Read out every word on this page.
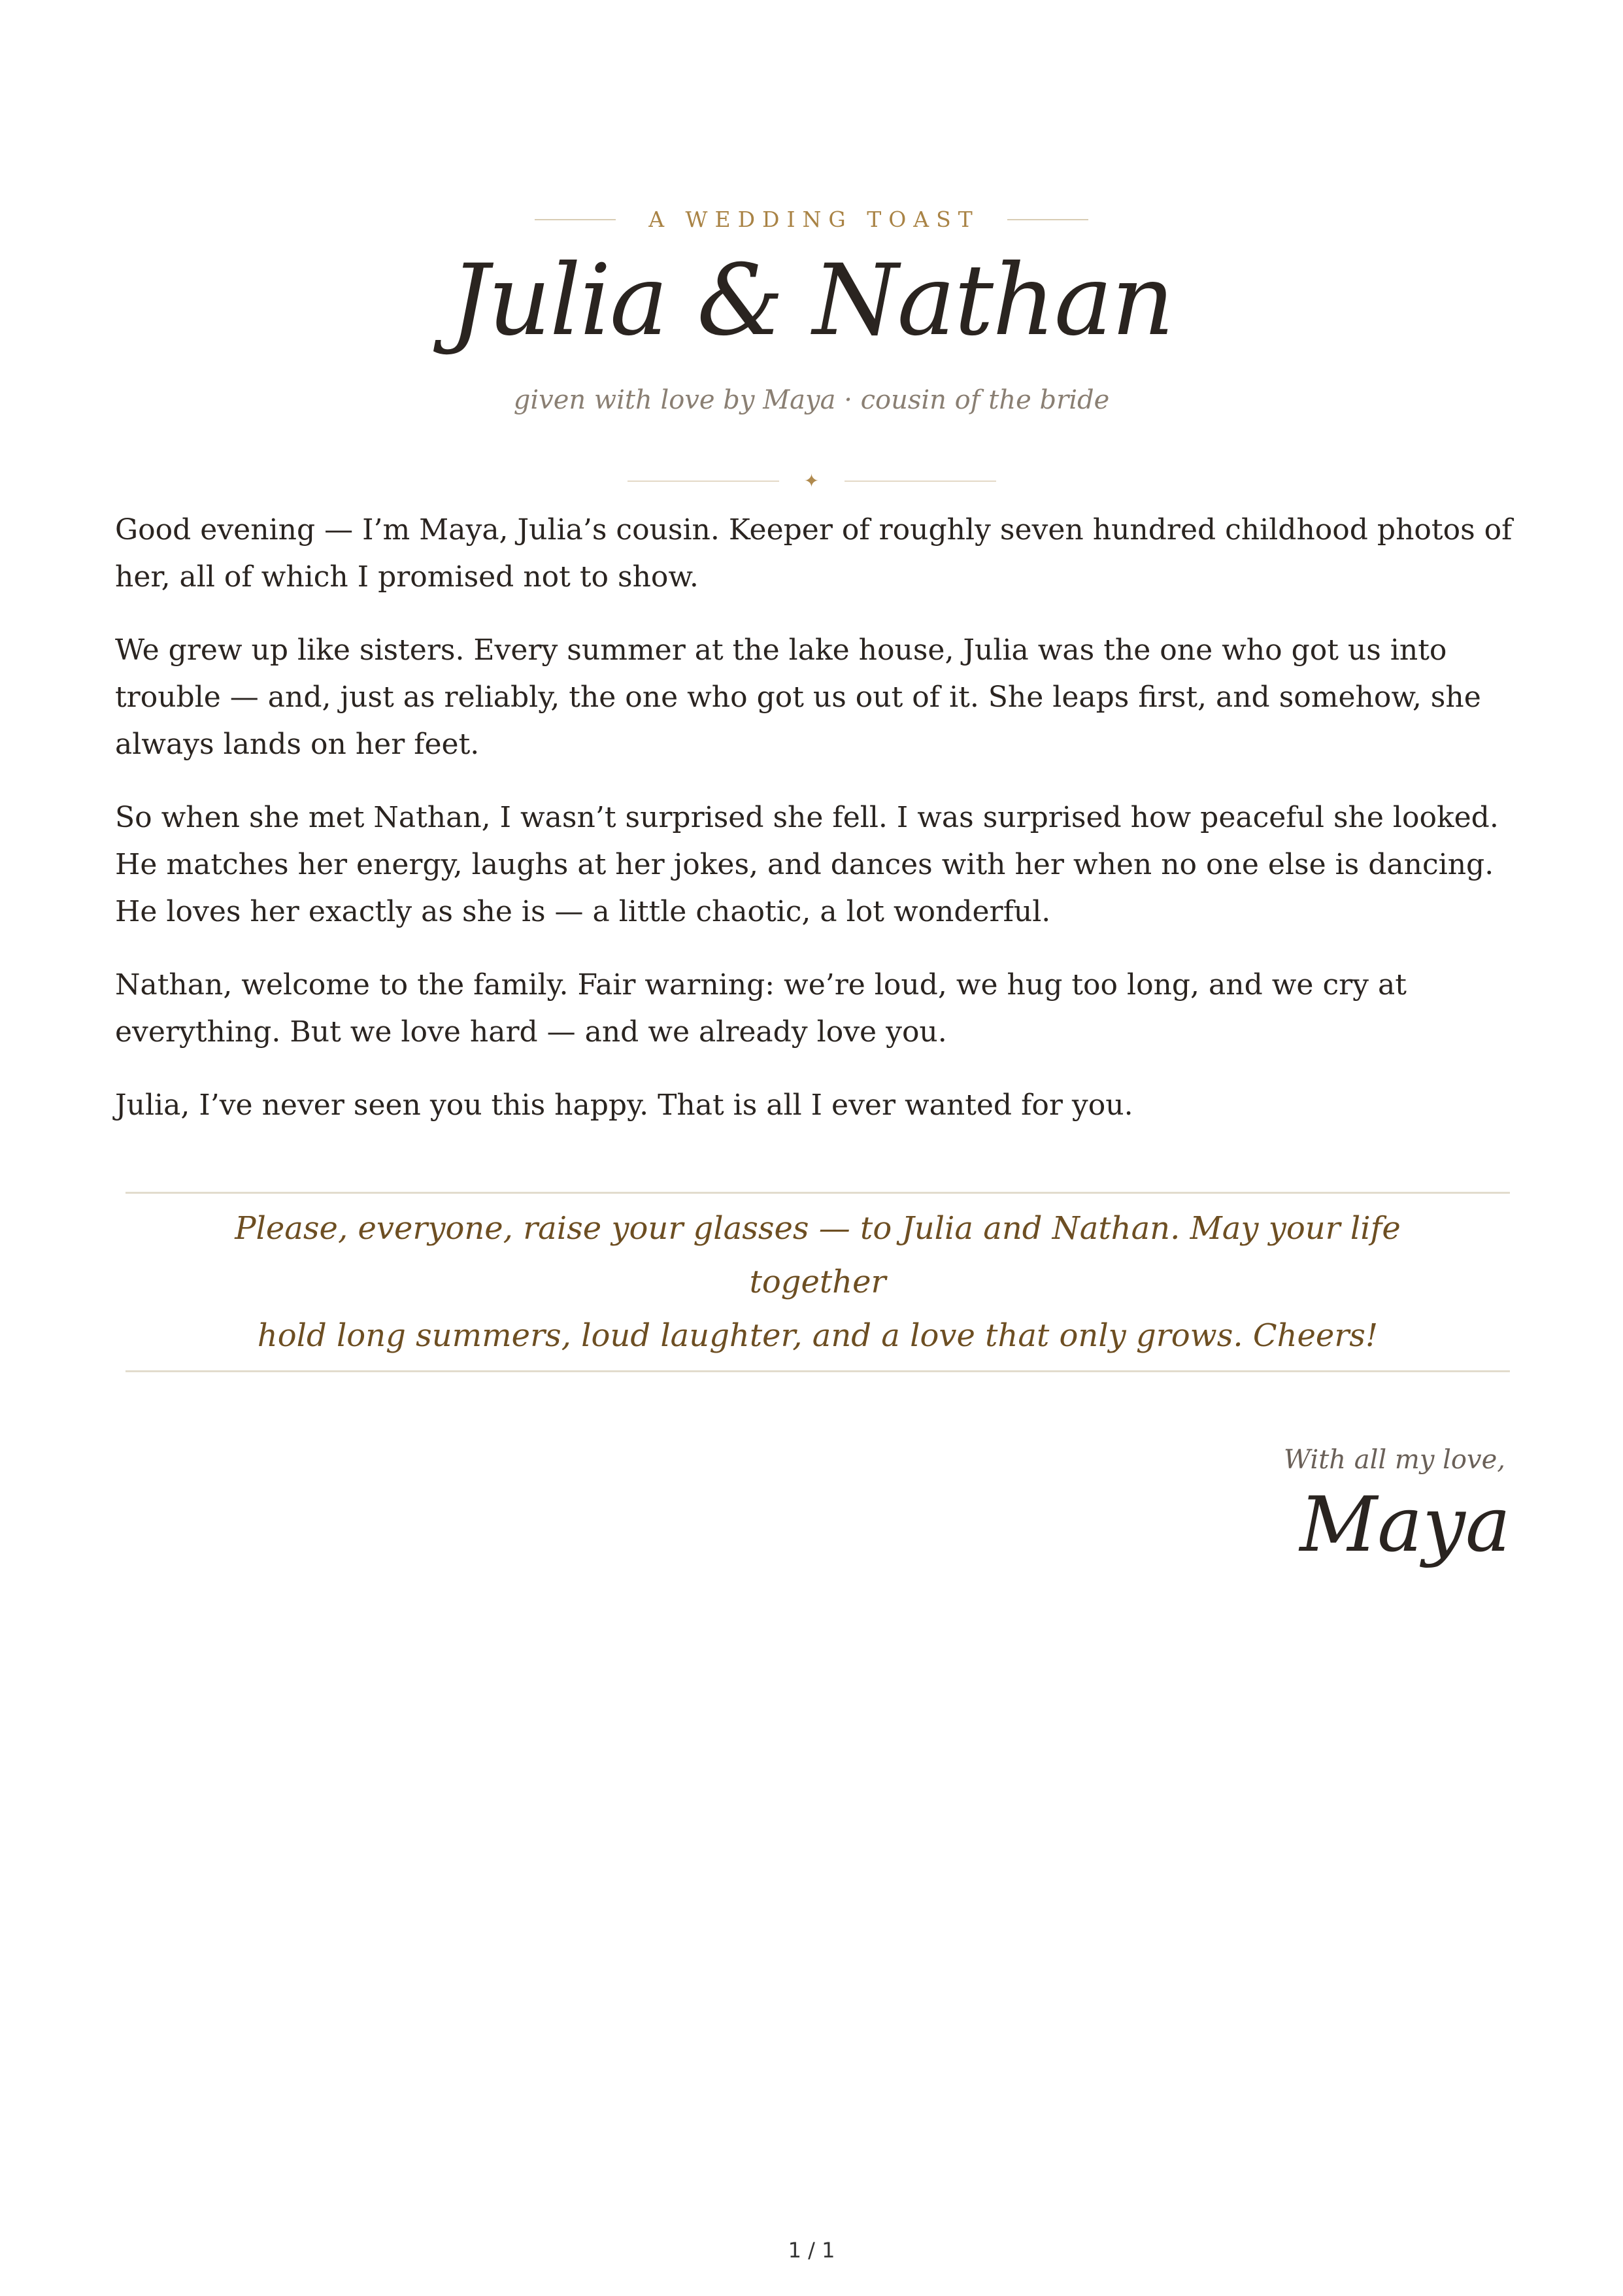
A WEDDING TOAST
Julia & Nathan
given with love by Maya · cousin of the bride
✦

Good evening — I’m Maya, Julia’s cousin. Keeper of roughly seven hundred childhood photos of her, all of which I promised not to show.

We grew up like sisters. Every summer at the lake house, Julia was the one who got us into trouble — and, just as reliably, the one who got us out of it. She leaps first, and somehow, she always lands on her feet.

So when she met Nathan, I wasn’t surprised she fell. I was surprised how peaceful she looked. He matches her energy, laughs at her jokes, and dances with her when no one else is dancing. He loves her exactly as she is — a little chaotic, a lot wonderful.

Nathan, welcome to the family. Fair warning: we’re loud, we hug too long, and we cry at everything. But we love hard — and we already love you.

Julia, I’ve never seen you this happy. That is all I ever wanted for you.

Please, everyone, raise your glasses — to Julia and Nathan. May your life together
hold long summers, loud laughter, and a love that only grows. Cheers!
With all my love,
Maya
1 / 1
